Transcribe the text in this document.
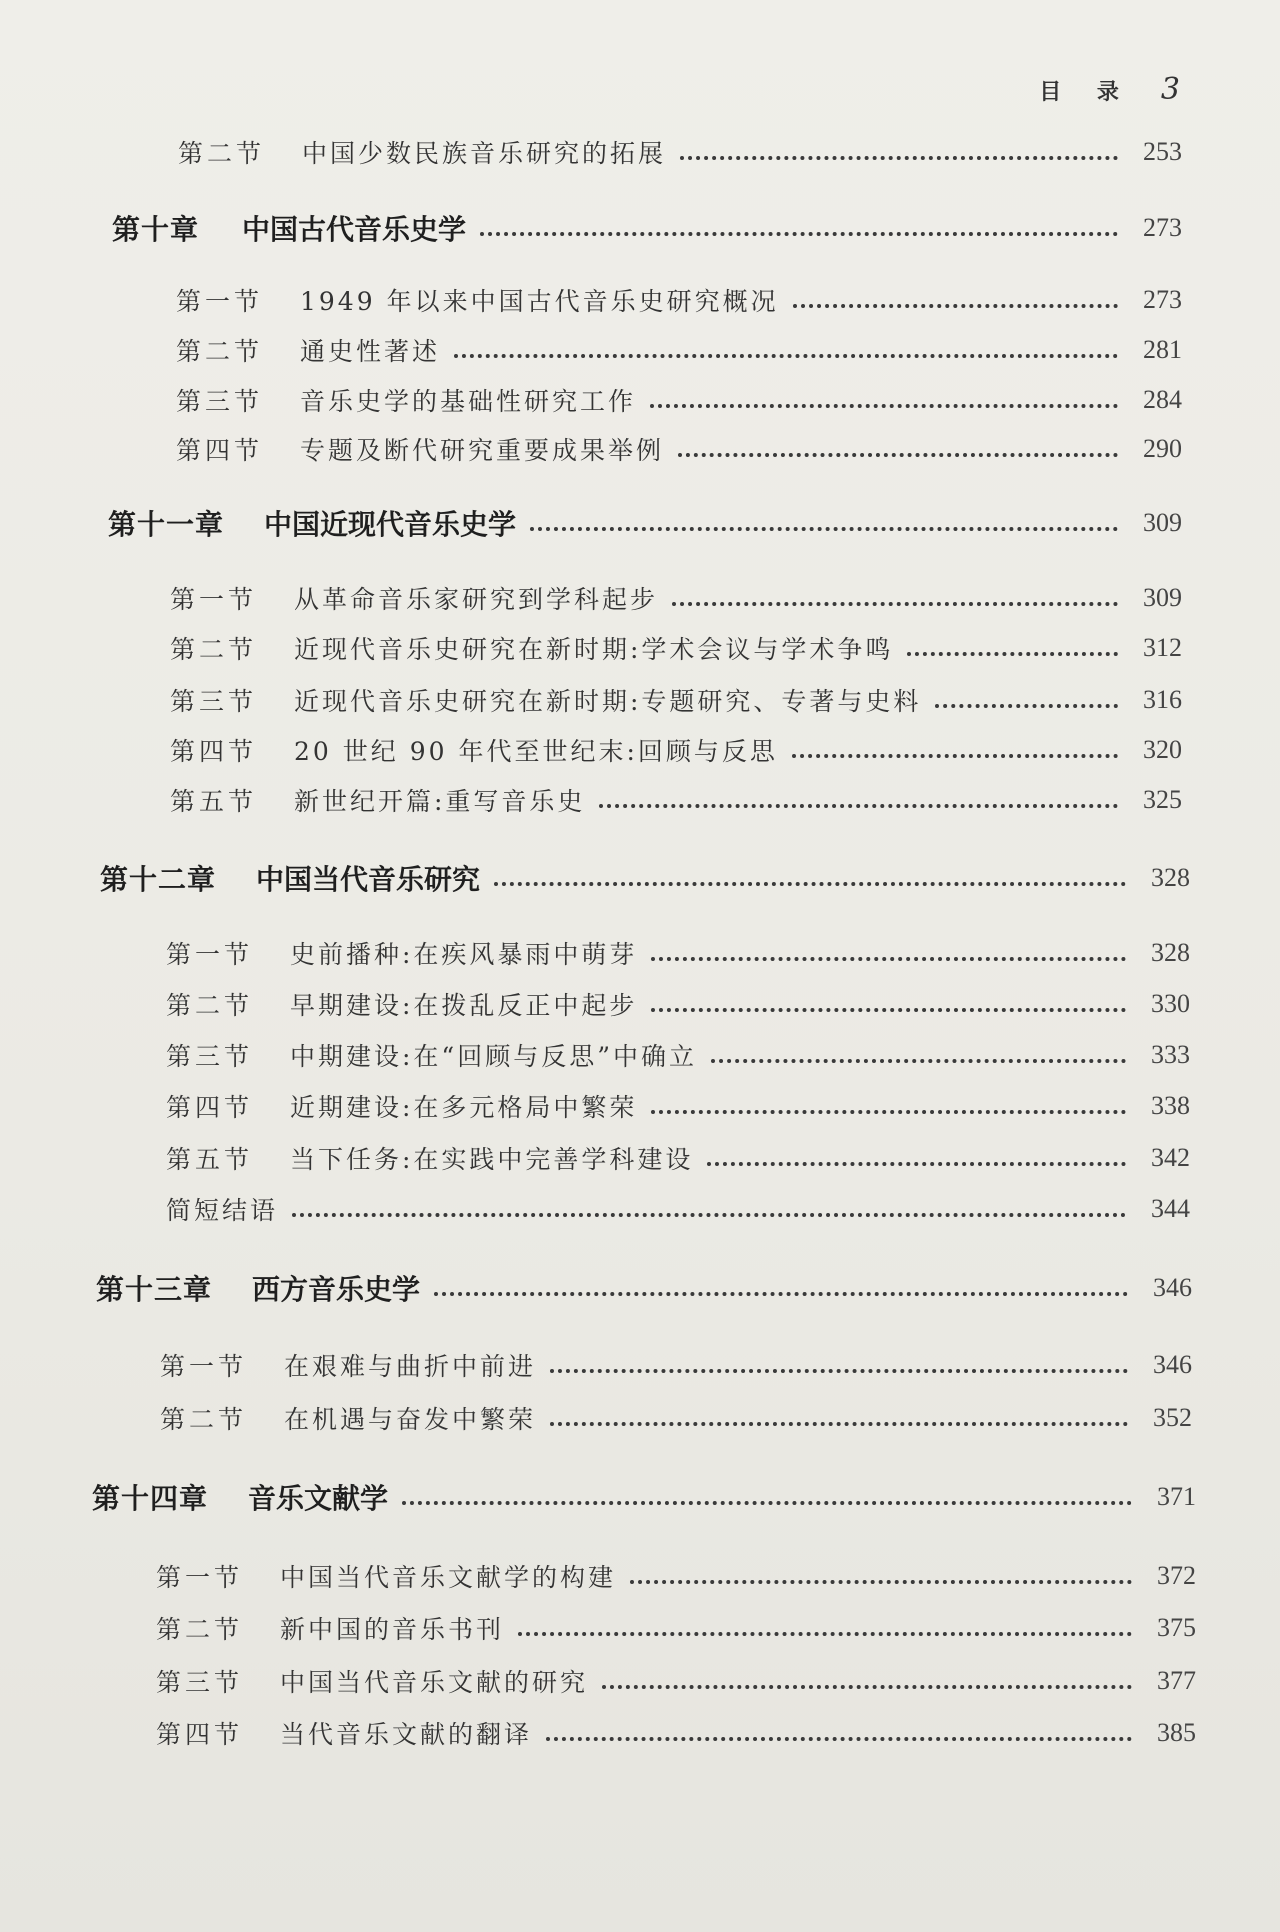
目 录 3
第二节	中国少数民族音乐研究的拓展	253
第十章	中国古代音乐史学	273
第一节	1949 年以来中国古代音乐史研究概况	273
第二节	通史性著述	281
第三节	音乐史学的基础性研究工作	284
第四节	专题及断代研究重要成果举例	290
第十一章	中国近现代音乐史学	309
第一节	从革命音乐家研究到学科起步	309
第二节	近现代音乐史研究在新时期:学术会议与学术争鸣	312
第三节	近现代音乐史研究在新时期:专题研究、专著与史料	316
第四节	20 世纪 90 年代至世纪末:回顾与反思	320
第五节	新世纪开篇:重写音乐史	325
第十二章	中国当代音乐研究	328
第一节	史前播种:在疾风暴雨中萌芽	328
第二节	早期建设:在拨乱反正中起步	330
第三节	中期建设:在“回顾与反思”中确立	333
第四节	近期建设:在多元格局中繁荣	338
第五节	当下任务:在实践中完善学科建设	342
简短结语	344
第十三章	西方音乐史学	346
第一节	在艰难与曲折中前进	346
第二节	在机遇与奋发中繁荣	352
第十四章	音乐文献学	371
第一节	中国当代音乐文献学的构建	372
第二节	新中国的音乐书刊	375
第三节	中国当代音乐文献的研究	377
第四节	当代音乐文献的翻译	385
